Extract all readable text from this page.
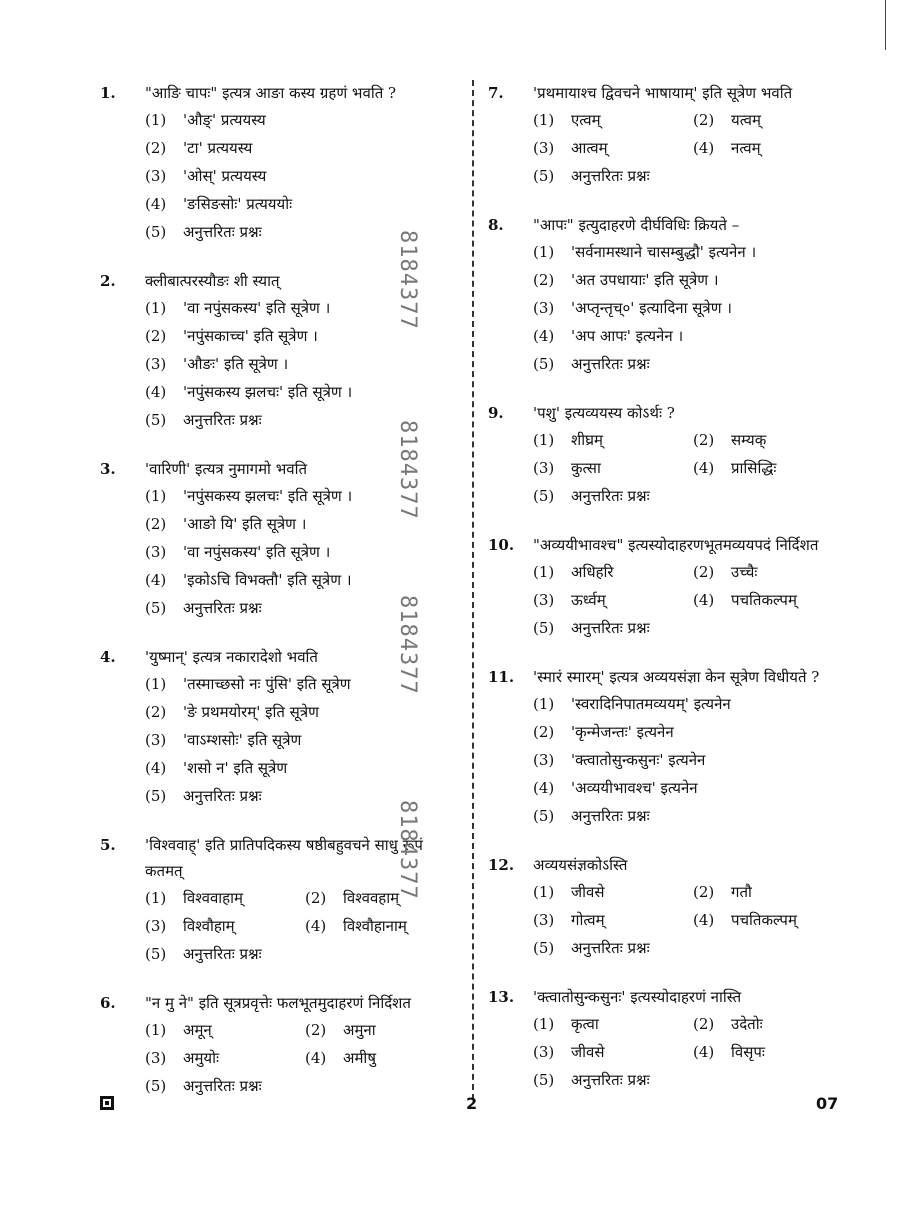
1.	"आङि चापः" इत्यत्र आङा कस्य ग्रहणं भवति ?
(1)	'औङ्' प्रत्ययस्य
(2)	'टा' प्रत्ययस्य
(3)	'ओस्' प्रत्ययस्य
(4)	'ङसिङसोः' प्रत्यययोः
(5)	अनुत्तरितः प्रश्नः
2.	क्लीबात्परस्यौङः शी स्यात्
(1)	'वा नपुंसकस्य' इति सूत्रेण ।
(2)	'नपुंसकाच्च' इति सूत्रेण ।
(3)	'औङः' इति सूत्रेण ।
(4)	'नपुंसकस्य झलचः' इति सूत्रेण ।
(5)	अनुत्तरितः प्रश्नः
3.	'वारिणी' इत्यत्र नुमागमो भवति
(1)	'नपुंसकस्य झलचः' इति सूत्रेण ।
(2)	'आङो यि' इति सूत्रेण ।
(3)	'वा नपुंसकस्य' इति सूत्रेण ।
(4)	'इकोऽचि विभक्तौ' इति सूत्रेण ।
(5)	अनुत्तरितः प्रश्नः
4.	'युष्मान्' इत्यत्र नकारादेशो भवति
(1)	'तस्माच्छसो नः पुंसि' इति सूत्रेण
(2)	'ङे प्रथमयोरम्' इति सूत्रेण
(3)	'वाऽम्शसोः' इति सूत्रेण
(4)	'शसो न' इति सूत्रेण
(5)	अनुत्तरितः प्रश्नः
5.	'विश्ववाह्' इति प्रातिपदिकस्य षष्ठीबहुवचने साधु रूपं कतमत्
(1)	विश्ववाहाम्	(2)	विश्ववहाम्
(3)	विश्वौहाम्	(4)	विश्वौहानाम्
(5)	अनुत्तरितः प्रश्नः
6.	"न मु ने" इति सूत्रप्रवृत्तेः फलभूतमुदाहरणं निर्दिशत
(1)	अमून्	(2)	अमुना
(3)	अमुयोः	(4)	अमीषु
(5)	अनुत्तरितः प्रश्नः
7.	'प्रथमायाश्च द्विवचने भाषायाम्' इति सूत्रेण भवति
(1)	एत्वम्	(2)	यत्वम्
(3)	आत्वम्	(4)	नत्वम्
(5)	अनुत्तरितः प्रश्नः
8.	"आपः" इत्युदाहरणे दीर्घविधिः क्रियते –
(1)	'सर्वनामस्थाने चासम्बुद्धौ' इत्यनेन ।
(2)	'अत उपधायाः' इति सूत्रेण ।
(3)	'अप्तृन्तृच्०' इत्यादिना सूत्रेण ।
(4)	'अप आपः' इत्यनेन ।
(5)	अनुत्तरितः प्रश्नः
9.	'पशु' इत्यव्ययस्य कोऽर्थः ?
(1)	शीघ्रम्	(2)	सम्यक्
(3)	कुत्सा	(4)	प्रासिद्धिः
(5)	अनुत्तरितः प्रश्नः
10.	"अव्ययीभावश्च" इत्यस्योदाहरणभूतमव्ययपदं निर्दिशत
(1)	अधिहरि	(2)	उच्चैः
(3)	ऊर्ध्वम्	(4)	पचतिकल्पम्
(5)	अनुत्तरितः प्रश्नः
11.	'स्मारं स्मारम्' इत्यत्र अव्ययसंज्ञा केन सूत्रेण विधीयते ?
(1)	'स्वरादिनिपातमव्ययम्' इत्यनेन
(2)	'कृन्मेजन्तः' इत्यनेन
(3)	'क्त्वातोसुन्कसुनः' इत्यनेन
(4)	'अव्ययीभावश्च' इत्यनेन
(5)	अनुत्तरितः प्रश्नः
12.	अव्ययसंज्ञकोऽस्ति
(1)	जीवसे	(2)	गतौ
(3)	गोत्वम्	(4)	पचतिकल्पम्
(5)	अनुत्तरितः प्रश्नः
13.	'क्त्वातोसुन्कसुनः' इत्यस्योदाहरणं नास्ति
(1)	कृत्वा	(2)	उदेतोः
(3)	जीवसे	(4)	विसृपः
(5)	अनुत्तरितः प्रश्नः
8184377
8184377
8184377
8184377
2	07
